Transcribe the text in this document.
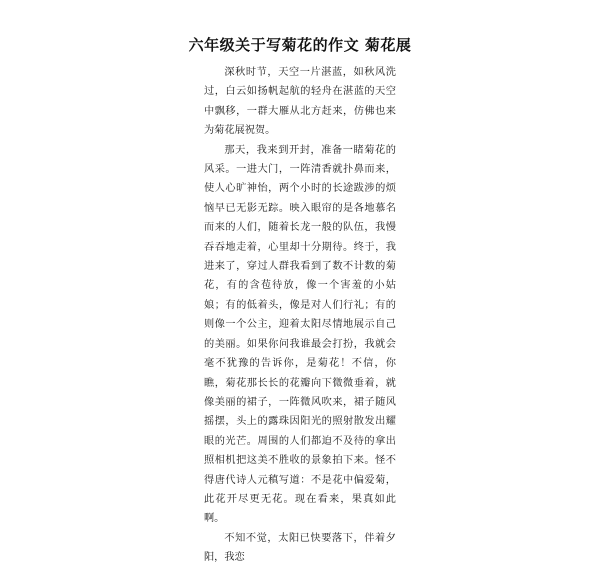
六年级关于写菊花的作文 菊花展

深秋时节，天空一片湛蓝，如秋风洗过，白云如扬帆起航的轻舟在湛蓝的天空中飘移，一群大雁从北方赶来，仿佛也来为菊花展祝贺。

那天，我来到开封，准备一睹菊花的风采。一进大门，一阵清香就扑鼻而来，使人心旷神怡，两个小时的长途跋涉的烦恼早已无影无踪。映入眼帘的是各地慕名而来的人们，随着长龙一般的队伍，我慢吞吞地走着，心里却十分期待。终于，我进来了，穿过人群我看到了数不计数的菊花，有的含苞待放，像一个害羞的小姑娘；有的低着头，像是对人们行礼；有的则像一个公主，迎着太阳尽情地展示自己的美丽。如果你问我谁最会打扮，我就会毫不犹豫的告诉你，是菊花！不信，你瞧，菊花那长长的花瓣向下微微垂着，就像美丽的裙子，一阵微风吹来，裙子随风摇摆，头上的露珠因阳光的照射散发出耀眼的光芒。周围的人们都迫不及待的拿出照相机把这美不胜收的景象拍下来。怪不得唐代诗人元稹写道：不是花中偏爱菊，此花开尽更无花。现在看来，果真如此啊。

不知不觉，太阳已快要落下，伴着夕阳，我恋
